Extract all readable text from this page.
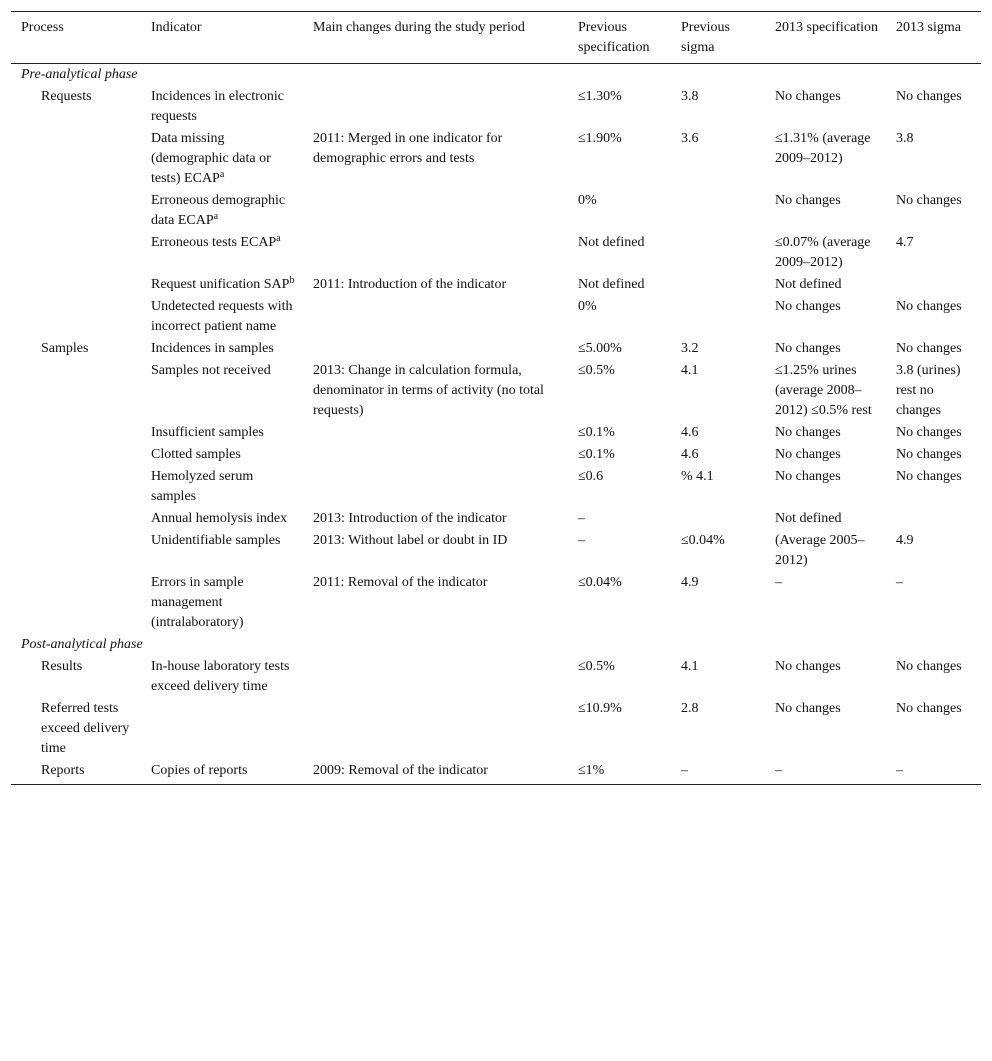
Process	Indicator	Main changes during the study period	Previous specification	Previous sigma	2013 specification	2013 sigma
Pre-analytical phase						
Requests	Incidences in electronic requests		≤1.30%	3.8	No changes	No changes
	Data missing (demographic data or tests) ECAP$^a$	2011: Merged in one indicator for demographic errors and tests	≤1.90%	3.6	≤1.31% (average 2009–2012)	3.8
	Erroneous demographic data ECAP$^a$		0%		No changes	No changes
	Erroneous tests ECAP$^a$		Not defined		≤0.07% (average 2009–2012)	4.7
	Request unification SAP$^b$	2011: Introduction of the indicator	Not defined		Not defined	
	Undetected requests with incorrect patient name		0%		No changes	No changes
Samples	Incidences in samples		≤5.00%	3.2	No changes	No changes
	Samples not received	2013: Change in calculation formula, denominator in terms of activity (no total requests)	≤0.5%	4.1	≤1.25% urines (average 2008–2012) ≤0.5% rest	3.8 (urines) rest no changes
	Insufficient samples		≤0.1%	4.6	No changes	No changes
	Clotted samples		≤0.1%	4.6	No changes	No changes
	Hemolyzed serum samples		≤0.6	% 4.1	No changes	No changes
	Annual hemolysis index	2013: Introduction of the indicator	–		Not defined	
	Unidentifiable samples	2013: Without label or doubt in ID	–	≤0.04%	(Average 2005–2012)	4.9
	Errors in sample management (intralaboratory)	2011: Removal of the indicator	≤0.04%	4.9	–	–
Post-analytical phase						
Results	In-house laboratory tests exceed delivery time		≤0.5%	4.1	No changes	No changes
Referred tests exceed delivery time			≤10.9%	2.8	No changes	No changes
Reports	Copies of reports	2009: Removal of the indicator	≤1%	–	–	–
